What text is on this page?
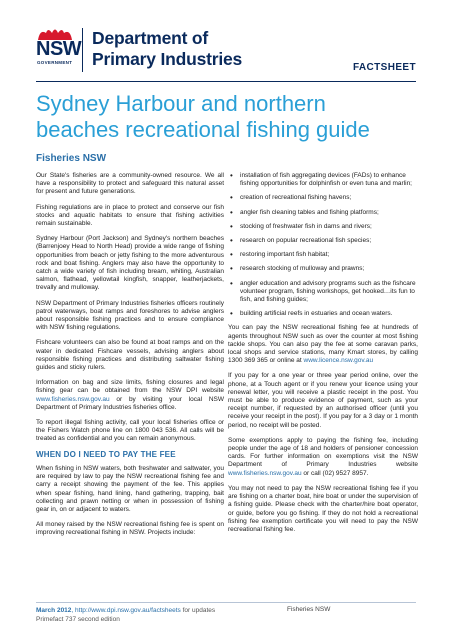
NSW
GOVERNMENT
Department of
Primary Industries	FACTSHEET
Sydney Harbour and northern
beaches recreational fishing guide
Fisheries NSW

Our State's fisheries are a community-owned resource. We all have a responsibility to protect and safeguard this natural asset for present and future generations.

Fishing regulations are in place to protect and conserve our fish stocks and aquatic habitats to ensure that fishing activities remain sustainable.

Sydney Harbour (Port Jackson) and Sydney's northern beaches (Barrenjoey Head to North Head) provide a wide range of fishing opportunities from beach or jetty fishing to the more adventurous rock and boat fishing. Anglers may also have the opportunity to catch a wide variety of fish including bream, whiting, Australian salmon, flathead, yellowtail kingfish, snapper, leatherjackets, trevally and mulloway.

NSW Department of Primary Industries fisheries officers routinely patrol waterways, boat ramps and foreshores to advise anglers about responsible fishing practices and to ensure compliance with NSW fishing regulations.

Fishcare volunteers can also be found at boat ramps and on the water in dedicated Fishcare vessels, advising anglers about responsible fishing practices and distributing saltwater fishing guides and sticky rulers.

Information on bag and size limits, fishing closures and legal fishing gear can be obtained from the NSW DPI website www.fisheries.nsw.gov.au or by visiting your local NSW Department of Primary Industries fisheries office.

To report illegal fishing activity, call your local fisheries office or the Fishers Watch phone line on 1800 043 536. All calls will be treated as confidential and you can remain anonymous.

WHEN DO I NEED TO PAY THE FEE

When fishing in NSW waters, both freshwater and saltwater, you are required by law to pay the NSW recreational fishing fee and carry a receipt showing the payment of the fee. This applies when spear fishing, hand lining, hand gathering, trapping, bait collecting and prawn netting or when in possession of fishing gear in, on or adjacent to waters.

All money raised by the NSW recreational fishing fee is spent on improving recreational fishing in NSW. Projects include:

• installation of fish aggregating devices (FADs) to enhance fishing opportunities for dolphinfish or even tuna and marlin;
• creation of recreational fishing havens;
• angler fish cleaning tables and fishing platforms;
• stocking of freshwater fish in dams and rivers;
• research on popular recreational fish species;
• restoring important fish habitat;
• research stocking of mulloway and prawns;
• angler education and advisory programs such as the fishcare volunteer program, fishing workshops, get hooked…its fun to fish, and fishing guides;
• building artificial reefs in estuaries and ocean waters.

You can pay the NSW recreational fishing fee at hundreds of agents throughout NSW such as over the counter at most fishing tackle shops. You can also pay the fee at some caravan parks, local shops and service stations, many Kmart stores, by calling 1300 369 365 or online at www.licence.nsw.gov.au

If you pay for a one year or three year period online, over the phone, at a Touch agent or if you renew your licence using your renewal letter, you will receive a plastic receipt in the post. You must be able to produce evidence of payment, such as your receipt number, if requested by an authorised officer (until you receive your receipt in the post). If you pay for a 3 day or 1 month period, no receipt will be posted.

Some exemptions apply to paying the fishing fee, including people under the age of 18 and holders of pensioner concession cards. For further information on exemptions visit the NSW Department of Primary Industries website www.fisheries.nsw.gov.au or call (02) 9527 8957.

You may not need to pay the NSW recreational fishing fee if you are fishing on a charter boat, hire boat or under the supervision of a fishing guide. Please check with the charter/hire boat operator, or guide, before you go fishing. If they do not hold a recreational fishing fee exemption certificate you will need to pay the NSW recreational fishing fee.

March 2012, http://www.dpi.nsw.gov.au/factsheets for updates
Primefact 737 second edition
Fisheries NSW
